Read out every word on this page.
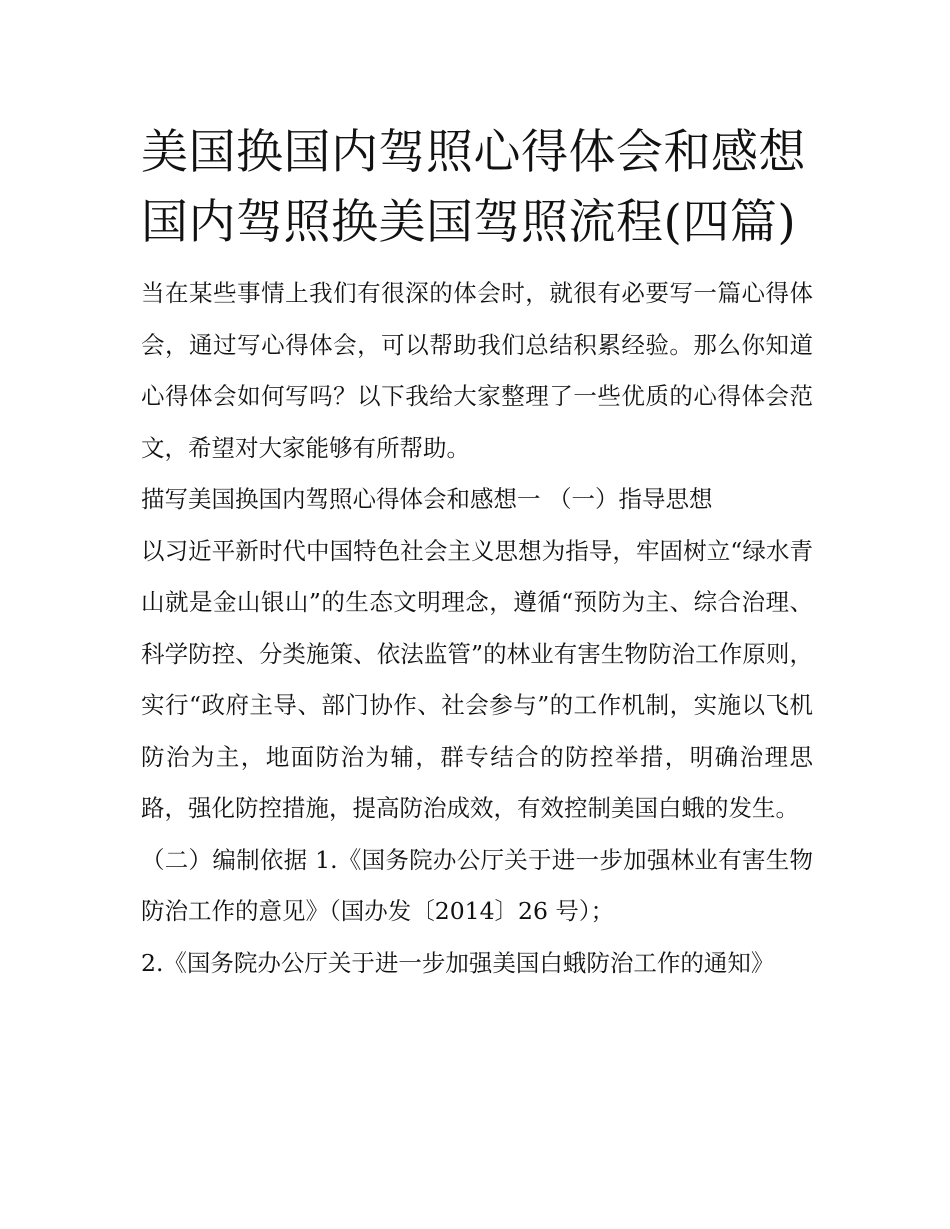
美国换国内驾照心得体会和感想 国内驾照换美国驾照流程(四篇)

当在某些事情上我们有很深的体会时，就很有必要写一篇心得体会，通过写心得体会，可以帮助我们总结积累经验。那么你知道心得体会如何写吗？以下我给大家整理了一些优质的心得体会范文，希望对大家能够有所帮助。

描写美国换国内驾照心得体会和感想一 （一）指导思想

以习近平新时代中国特色社会主义思想为指导，牢固树立“绿水青山就是金山银山”的生态文明理念，遵循“预防为主、综合治理、科学防控、分类施策、依法监管”的林业有害生物防治工作原则，实行“政府主导、部门协作、社会参与”的工作机制，实施以飞机防治为主，地面防治为辅，群专结合的防控举措，明确治理思路，强化防控措施，提高防治成效，有效控制美国白蛾的发生。

（二）编制依据 1.《国务院办公厅关于进一步加强林业有害生物防治工作的意见》（国办发〔2014〕26 号）；

2.《国务院办公厅关于进一步加强美国白蛾防治工作的通知》
